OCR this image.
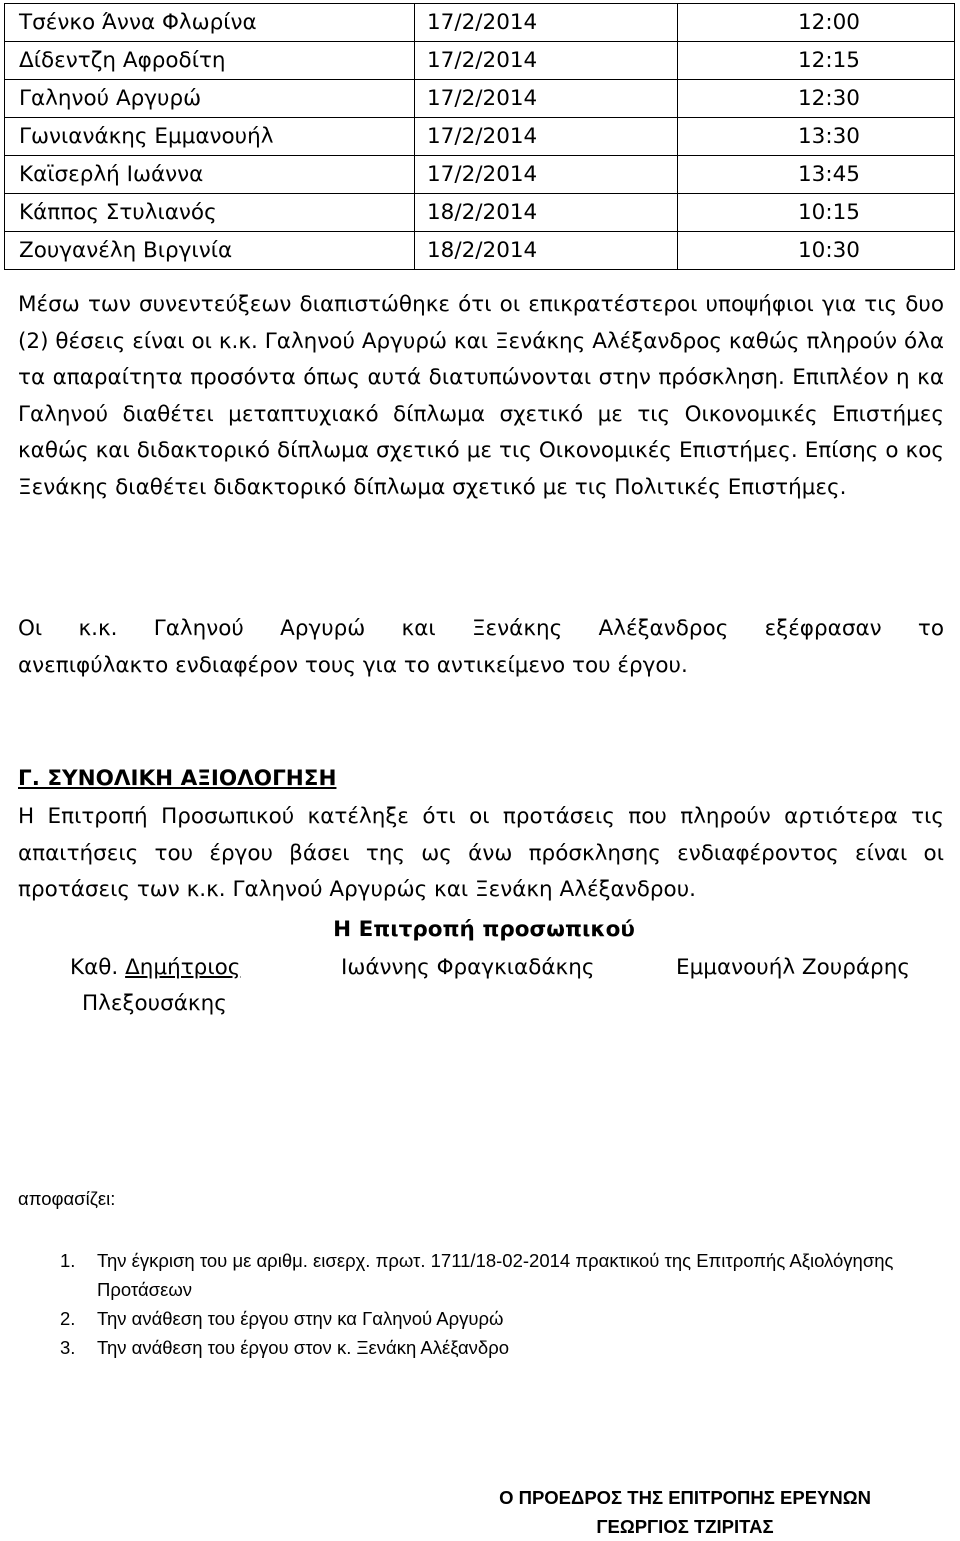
Τσένκο Άννα Φλωρίνα	17/2/2014	12:00
Δίδεντζη Αφροδίτη	17/2/2014	12:15
Γαληνού Αργυρώ	17/2/2014	12:30
Γωνιανάκης Εμμανουήλ	17/2/2014	13:30
Καϊσερλή Ιωάννα	17/2/2014	13:45
Κάππος Στυλιανός	18/2/2014	10:15
Ζουγανέλη Βιργινία	18/2/2014	10:30

Μέσω των συνεντεύξεων διαπιστώθηκε ότι οι επικρατέστεροι υποψήφιοι για τις δυο (2) θέσεις είναι οι κ.κ. Γαληνού Αργυρώ και Ξενάκης Αλέξανδρος καθώς πληρούν όλα τα απαραίτητα προσόντα όπως αυτά διατυπώνονται στην πρόσκληση. Επιπλέον η κα Γαληνού διαθέτει μεταπτυχιακό δίπλωμα σχετικό με τις Οικονομικές Επιστήμες καθώς και διδακτορικό δίπλωμα σχετικό με τις Οικονομικές Επιστήμες. Επίσης ο κος Ξενάκης διαθέτει διδακτορικό δίπλωμα σχετικό με τις Πολιτικές Επιστήμες.

Οι κ.κ. Γαληνού Αργυρώ και Ξενάκης Αλέξανδρος εξέφρασαν το
ανεπιφύλακτο ενδιαφέρον τους για το αντικείμενο του έργου.
Γ. ΣΥΝΟΛΙΚΗ ΑΞΙΟΛΟΓΗΣΗ

Η Επιτροπή Προσωπικού κατέληξε ότι οι προτάσεις που πληρούν αρτιότερα τις απαιτήσεις του έργου βάσει της ως άνω πρόσκλησης ενδιαφέροντος είναι οι προτάσεις των κ.κ. Γαληνού Αργυρώς και Ξενάκη Αλέξανδρου.

Η Επιτροπή προσωπικού
Καθ. Δημήτριος
Πλεξουσάκης
Ιωάννης Φραγκιαδάκης	Εμμανουήλ Ζουράρης
αποφασίζει:
1. Την έγκριση του με αριθμ. εισερχ. πρωτ. 1711/18-02-2014 πρακτικού της Επιτροπής Αξιολόγησης Προτάσεων
2. Την ανάθεση του έργου στην κα Γαληνού Αργυρώ
3. Την ανάθεση του έργου στον κ. Ξενάκη Αλέξανδρο
Ο ΠΡΟΕΔΡΟΣ ΤΗΣ ΕΠΙΤΡΟΠΗΣ ΕΡΕΥΝΩΝ
ΓΕΩΡΓΙΟΣ ΤΖΙΡΙΤΑΣ
